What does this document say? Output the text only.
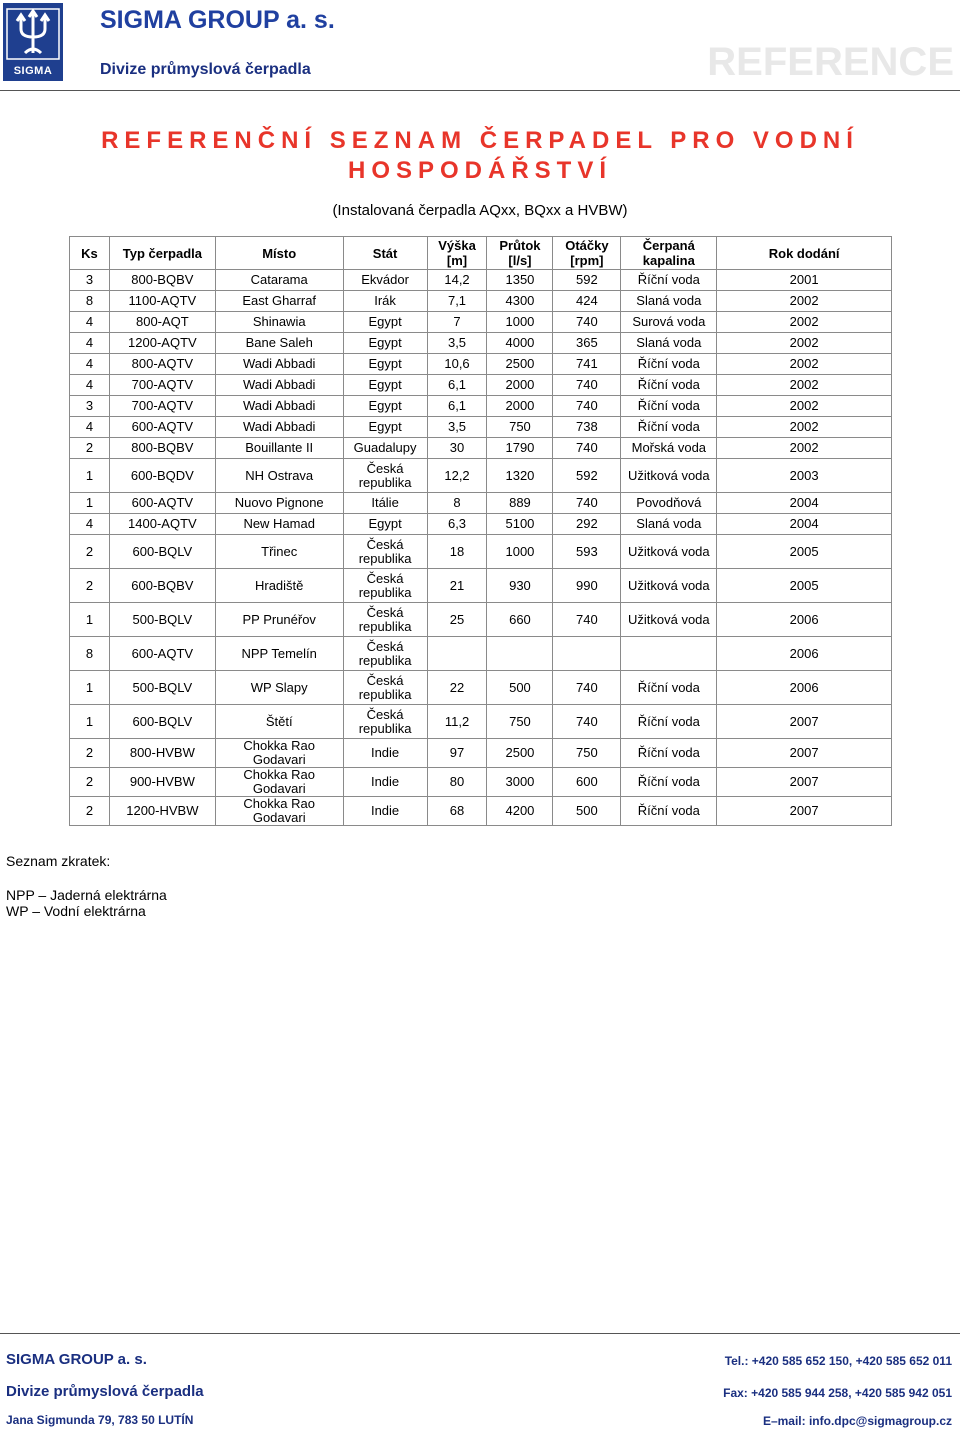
SIGMA
SIGMA GROUP a. s.
Divize průmyslová čerpadla	REFERENCE
REFERENČNÍ SEZNAM ČERPADEL PRO VODNÍ
HOSPODÁŘSTVÍ
(Instalovaná čerpadla AQxx, BQxx a HVBW)
Ks	Typ čerpadla	Místo	Stát	Výška [m]	Průtok [l/s]	Otáčky [rpm]	Čerpaná kapalina	Rok dodání
3	800-BQBV	Catarama	Ekvádor	14,2	1350	592	Říční voda	2001
8	1100-AQTV	East Gharraf	Irák	7,1	4300	424	Slaná voda	2002
4	800-AQT	Shinawia	Egypt	7	1000	740	Surová voda	2002
4	1200-AQTV	Bane Saleh	Egypt	3,5	4000	365	Slaná voda	2002
4	800-AQTV	Wadi Abbadi	Egypt	10,6	2500	741	Říční voda	2002
4	700-AQTV	Wadi Abbadi	Egypt	6,1	2000	740	Říční voda	2002
3	700-AQTV	Wadi Abbadi	Egypt	6,1	2000	740	Říční voda	2002
4	600-AQTV	Wadi Abbadi	Egypt	3,5	750	738	Říční voda	2002
2	800-BQBV	Bouillante II	Guadalupy	30	1790	740	Mořská voda	2002
1	600-BQDV	NH Ostrava	Česká republika	12,2	1320	592	Užitková voda	2003
1	600-AQTV	Nuovo Pignone	Itálie	8	889	740	Povodňová	2004
4	1400-AQTV	New Hamad	Egypt	6,3	5100	292	Slaná voda	2004
2	600-BQLV	Třinec	Česká republika	18	1000	593	Užitková voda	2005
2	600-BQBV	Hradiště	Česká republika	21	930	990	Užitková voda	2005
1	500-BQLV	PP Prunéřov	Česká republika	25	660	740	Užitková voda	2006
8	600-AQTV	NPP Temelín	Česká republika					2006
1	500-BQLV	WP Slapy	Česká republika	22	500	740	Říční voda	2006
1	600-BQLV	Štětí	Česká republika	11,2	750	740	Říční voda	2007
2	800-HVBW	Chokka Rao Godavari	Indie	97	2500	750	Říční voda	2007
2	900-HVBW	Chokka Rao Godavari	Indie	80	3000	600	Říční voda	2007
2	1200-HVBW	Chokka Rao Godavari	Indie	68	4200	500	Říční voda	2007
Seznam zkratek:
NPP – Jaderná elektrárna
WP – Vodní elektrárna
SIGMA GROUP a. s.
Divize průmyslová čerpadla
Jana Sigmunda 79, 783 50 LUTÍN
Tel.: +420 585 652 150, +420 585 652 011
Fax: +420 585 944 258, +420 585 942 051
E–mail: info.dpc@sigmagroup.cz
